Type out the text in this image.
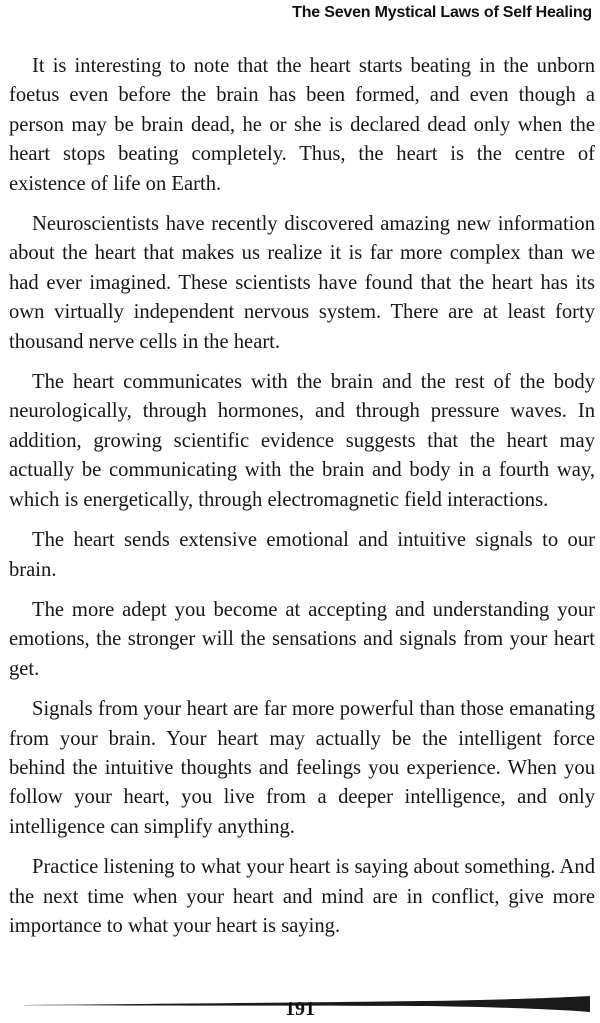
The Seven Mystical Laws of Self Healing

It is interesting to note that the heart starts beating in the unborn foetus even before the brain has been formed, and even though a person may be brain dead, he or she is declared dead only when the heart stops beating completely. Thus, the heart is the centre of existence of life on Earth.

Neuroscientists have recently discovered amazing new information about the heart that makes us realize it is far more complex than we had ever imagined. These scientists have found that the heart has its own virtually independent nervous system. There are at least forty thousand nerve cells in the heart.

The heart communicates with the brain and the rest of the body neurologically, through hormones, and through pressure waves. In addition, growing scientific evidence suggests that the heart may actually be communicating with the brain and body in a fourth way, which is energetically, through electromagnetic field interactions.

The heart sends extensive emotional and intuitive signals to our brain.

The more adept you become at accepting and understanding your emotions, the stronger will the sensations and signals from your heart get.

Signals from your heart are far more powerful than those emanating from your brain. Your heart may actually be the intelligent force behind the intuitive thoughts and feelings you experience. When you follow your heart, you live from a deeper intelligence, and only intelligence can simplify anything.

Practice listening to what your heart is saying about something. And the next time when your heart and mind are in conflict, give more importance to what your heart is saying.

191
